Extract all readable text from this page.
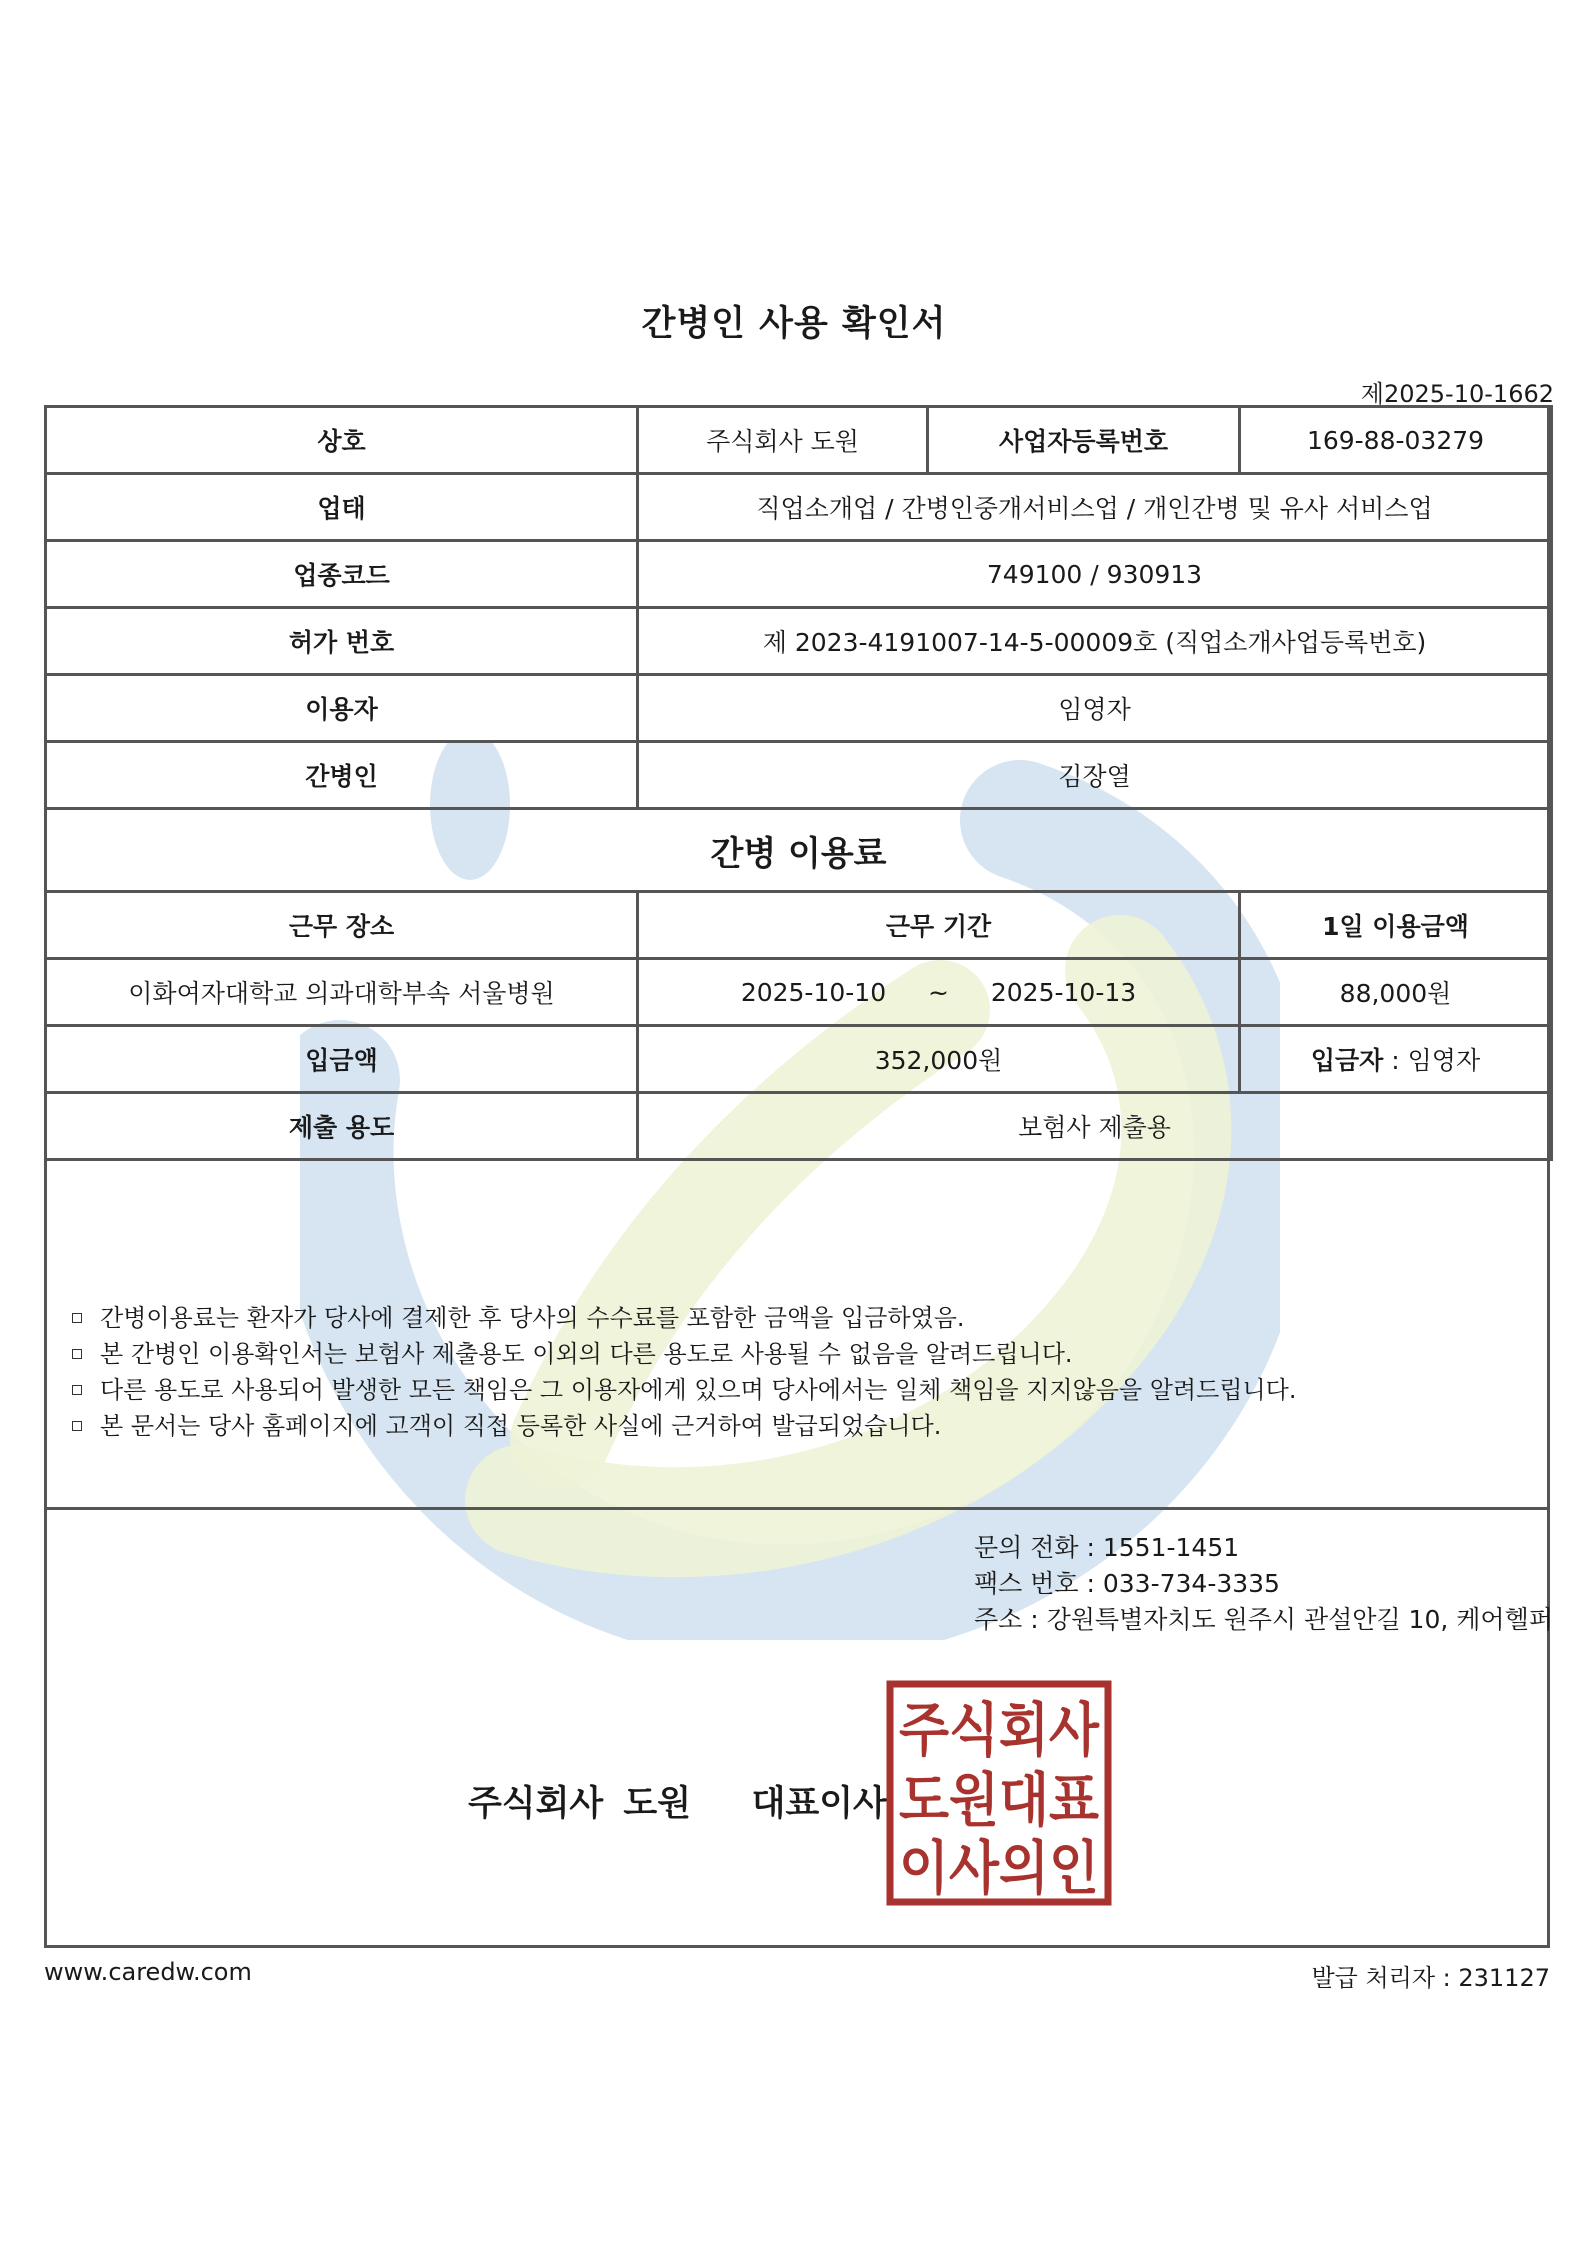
간병인 사용 확인서
제2025-10-1662
상호	주식회사 도원	사업자등록번호	169-88-03279
업태	직업소개업 / 간병인중개서비스업 / 개인간병 및 유사 서비스업		
업종코드	749100 / 930913		
허가 번호	제 2023-4191007-14-5-00009호 (직업소개사업등록번호)		
이용자	임영자		
간병인	김장열		
간병 이용료			
근무 장소	근무 기간		1일 이용금액
이화여자대학교 의과대학부속 서울병원	2025-10-10 ~ 2025-10-13		88,000원
입금액	352,000원		입금자 : 임영자
제출 용도	보험사 제출용		
간병이용료는 환자가 당사에 결제한 후 당사의 수수료를 포함한 금액을 입금하였음.
본 간병인 이용확인서는 보험사 제출용도 이외의 다른 용도로 사용될 수 없음을 알려드립니다.
다른 용도로 사용되어 발생한 모든 책임은 그 이용자에게 있으며 당사에서는 일체 책임을 지지않음을 알려드립니다.
본 문서는 당사 홈페이지에 고객이 직접 등록한 사실에 근거하여 발급되었습니다.
문의 전화 : 1551-1451
팩스 번호 : 033-734-3335
주소 : 강원특별자치도 원주시 관설안길 10, 케어헬퍼
주식회사 도원   대표이사
주식회사
도원대표
이사의인
www.caredw.com	발급 처리자 : 231127
